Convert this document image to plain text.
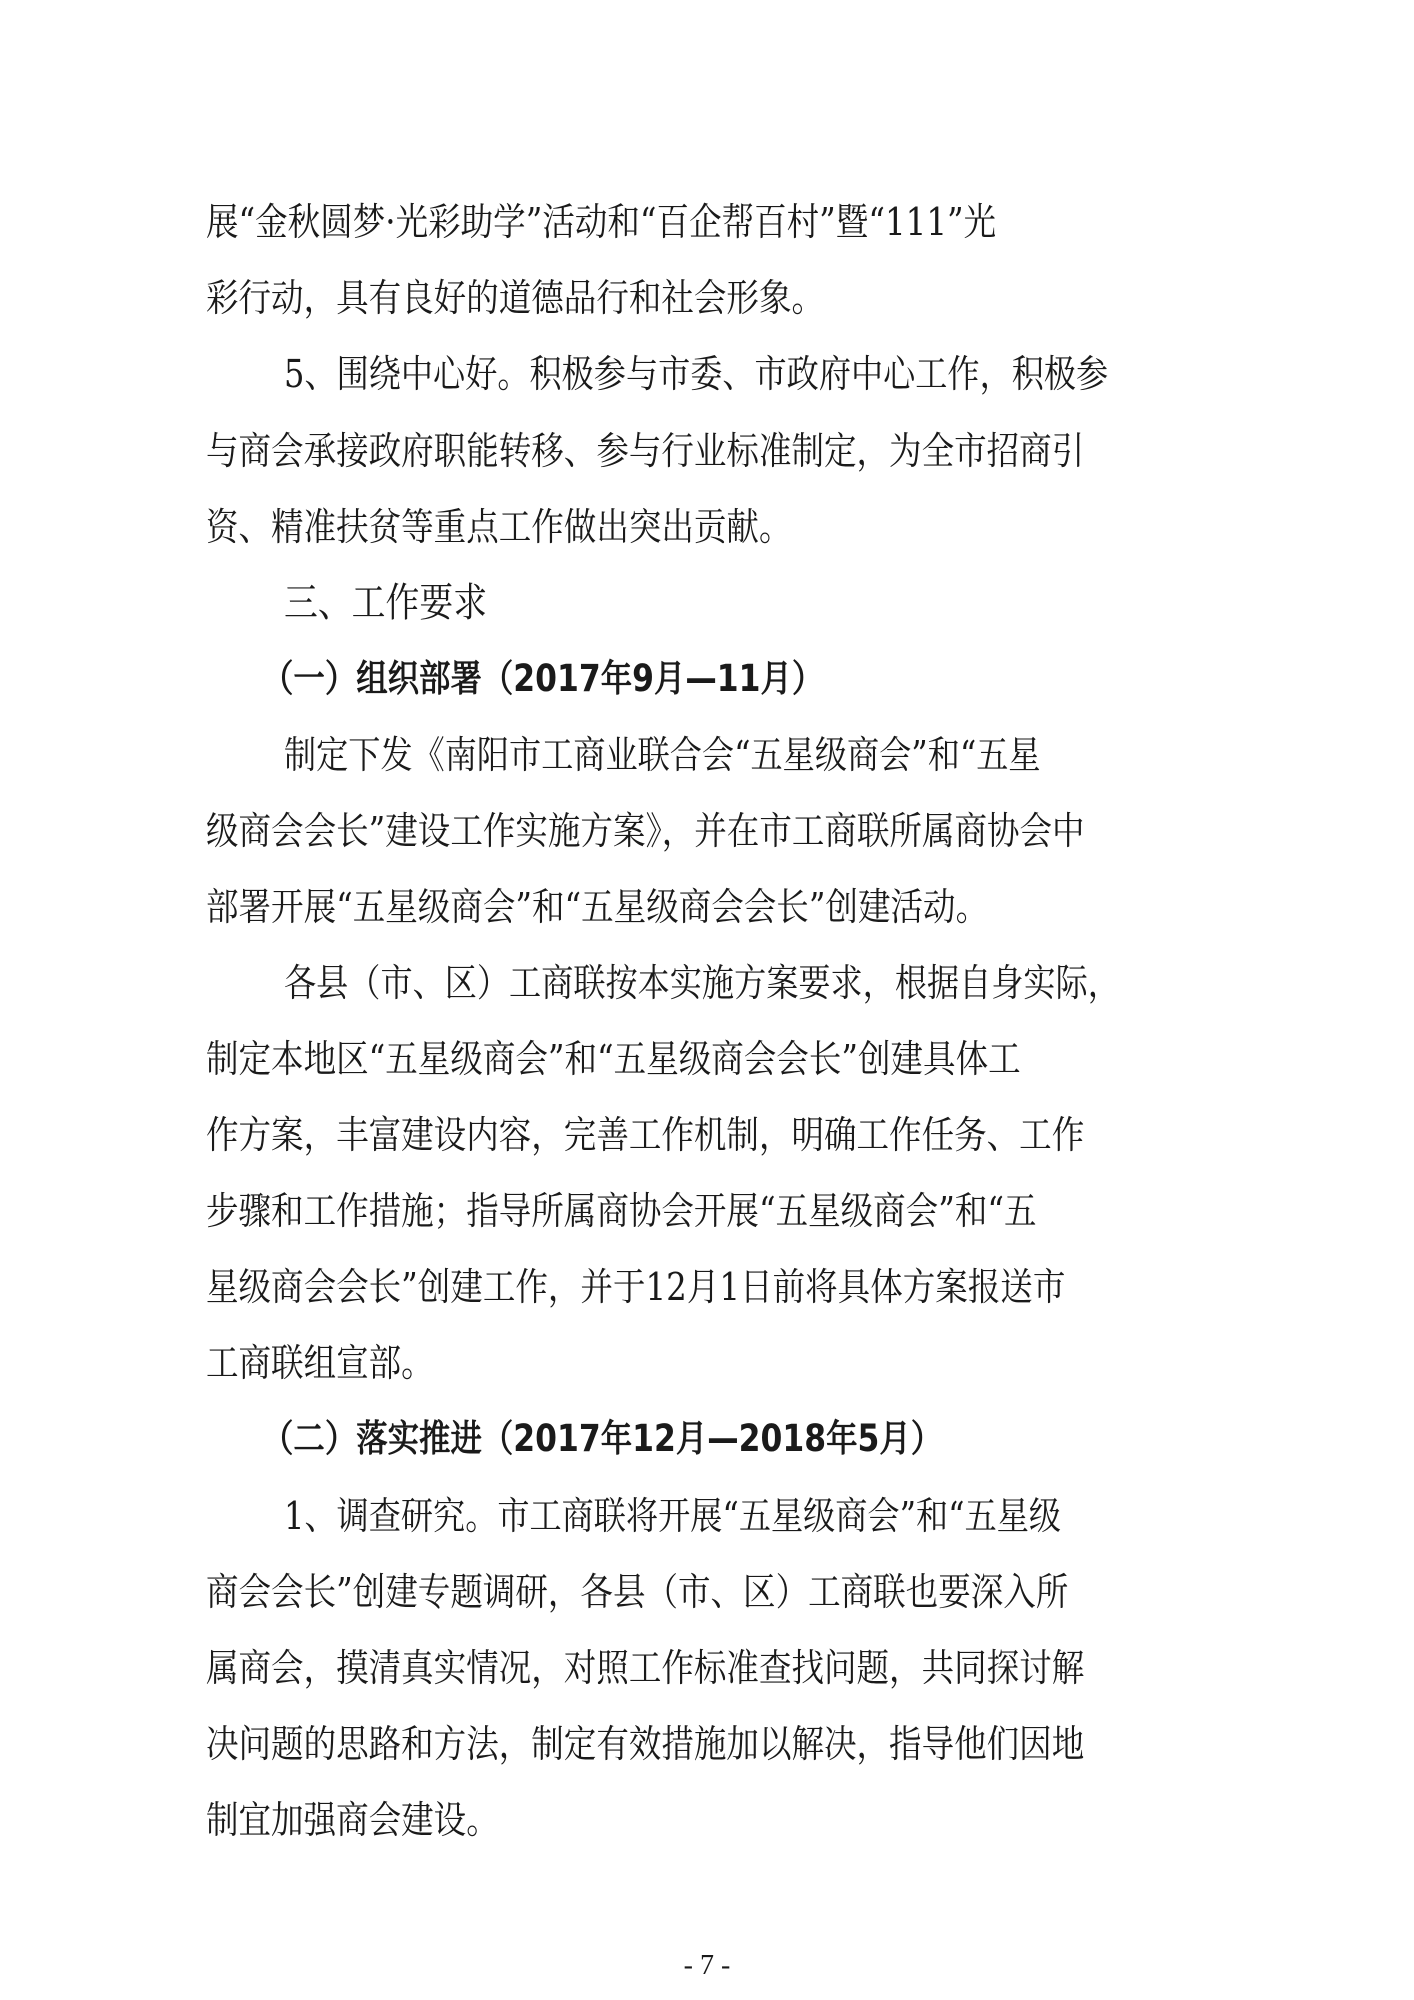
展“金秋圆梦·光彩助学”活动和“百企帮百村”暨“111”光
彩行动，具有良好的道德品行和社会形象。
5、围绕中心好。积极参与市委、市政府中心工作，积极参
与商会承接政府职能转移、参与行业标准制定，为全市招商引
资、精准扶贫等重点工作做出突出贡献。
三、工作要求
（一）组织部署（2017年9月—11月）
制定下发《南阳市工商业联合会“五星级商会”和“五星
级商会会长”建设工作实施方案》，并在市工商联所属商协会中
部署开展“五星级商会”和“五星级商会会长”创建活动。
各县（市、区）工商联按本实施方案要求，根据自身实际，
制定本地区“五星级商会”和“五星级商会会长”创建具体工
作方案，丰富建设内容，完善工作机制，明确工作任务、工作
步骤和工作措施；指导所属商协会开展“五星级商会”和“五
星级商会会长”创建工作，并于12月1日前将具体方案报送市
工商联组宣部。
（二）落实推进（2017年12月—2018年5月）
1、调查研究。市工商联将开展“五星级商会”和“五星级
商会会长”创建专题调研，各县（市、区）工商联也要深入所
属商会，摸清真实情况，对照工作标准查找问题，共同探讨解
决问题的思路和方法，制定有效措施加以解决，指导他们因地
制宜加强商会建设。
- 7 -
